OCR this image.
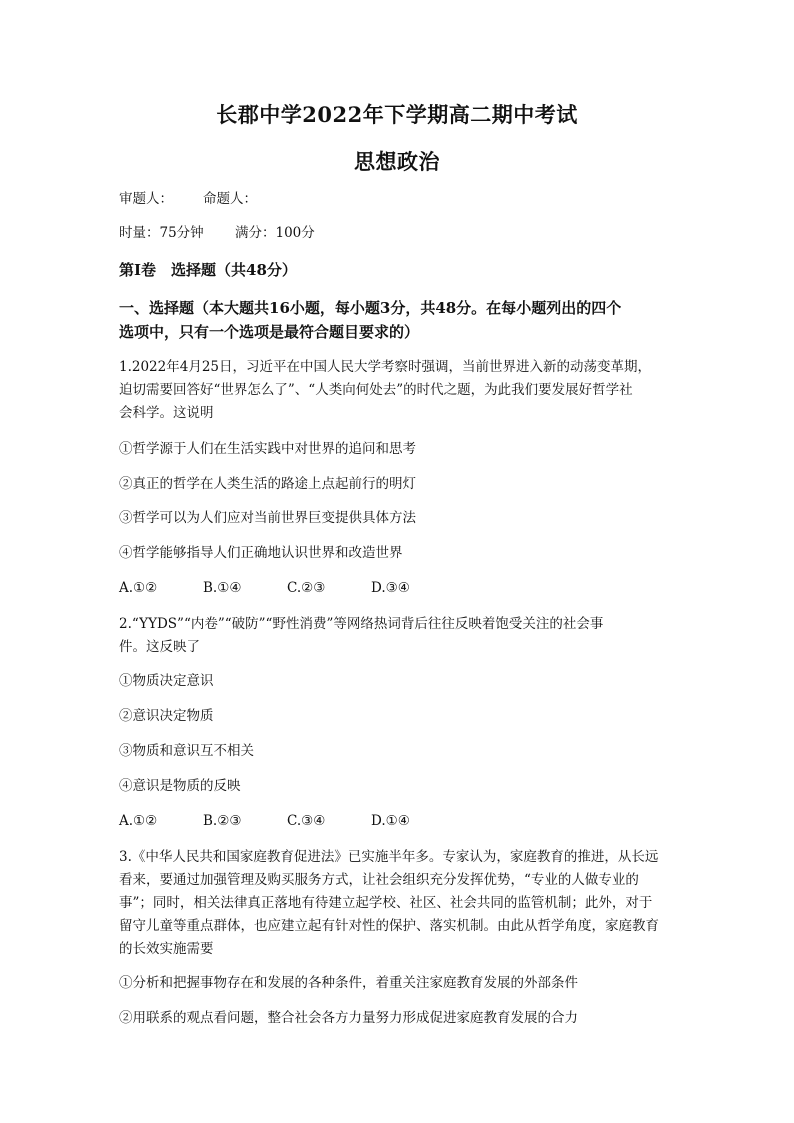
长郡中学2022年下学期高二期中考试
思想政治
审题人： 命题人：
时量：75分钟 满分：100分
第I卷　选择题（共48分）
一、选择题（本大题共16小题，每小题3分，共48分。在每小题列出的四个
选项中，只有一个选项是最符合题目要求的）
1.2022年4月25日，习近平在中国人民大学考察时强调，当前世界进入新的动荡变革期，
迫切需要回答好“世界怎么了”、“人类向何处去”的时代之题，为此我们要发展好哲学社
会科学。这说明
①哲学源于人们在生活实践中对世界的追问和思考
②真正的哲学在人类生活的路途上点起前行的明灯
③哲学可以为人们应对当前世界巨变提供具体方法
④哲学能够指导人们正确地认识世界和改造世界
A.①②	B.①④	C.②③	D.③④
2.“YYDS”“内卷”“破防”“野性消费”等网络热词背后往往反映着饱受关注的社会事
件。这反映了
①物质决定意识
②意识决定物质
③物质和意识互不相关
④意识是物质的反映
A.①②	B.②③	C.③④	D.①④
3.《中华人民共和国家庭教育促进法》已实施半年多。专家认为，家庭教育的推进，从长远
看来，要通过加强管理及购买服务方式，让社会组织充分发挥优势，“专业的人做专业的
事”；同时，相关法律真正落地有待建立起学校、社区、社会共同的监管机制；此外，对于
留守儿童等重点群体，也应建立起有针对性的保护、落实机制。由此从哲学角度，家庭教育
的长效实施需要
①分析和把握事物存在和发展的各种条件，着重关注家庭教育发展的外部条件
②用联系的观点看问题，整合社会各方力量努力形成促进家庭教育发展的合力
